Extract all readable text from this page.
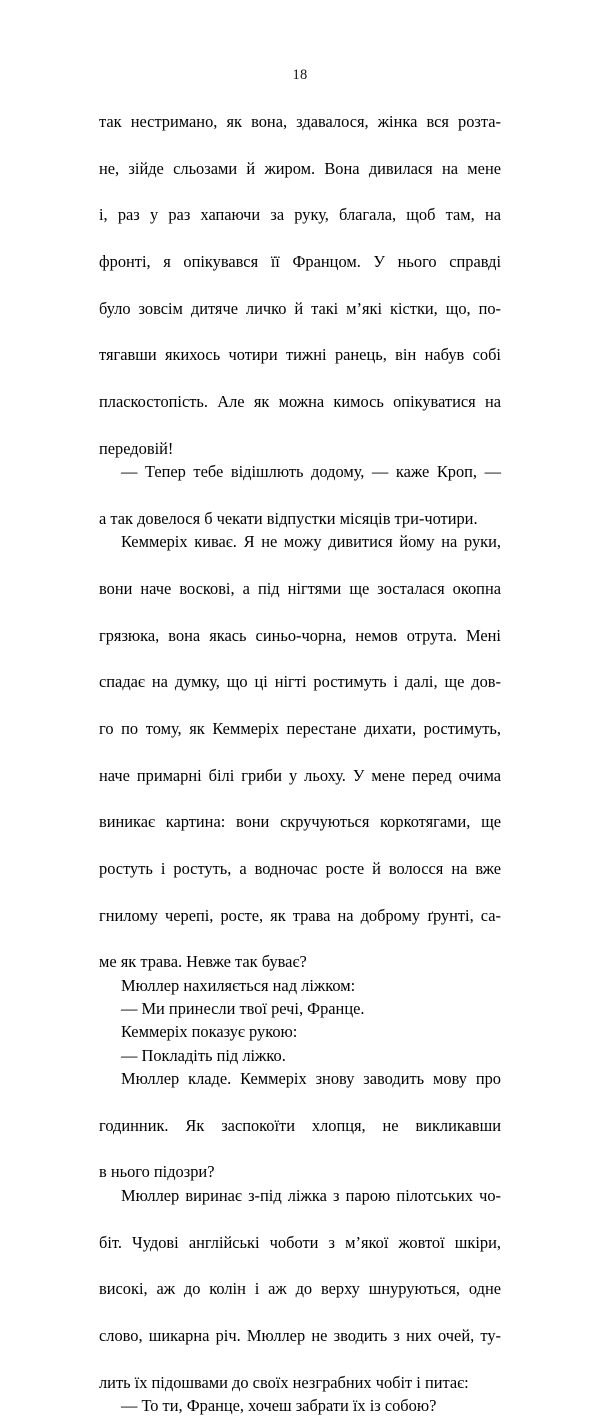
18

так нестримано, як вона, здавалося, жінка вся розта-
не, зійде сльозами й жиром. Вона дивилася на мене
і, раз у раз хапаючи за руку, благала, щоб там, на
фронті, я опікувався її Францом. У нього справді
було зовсім дитяче личко й такі м’які кістки, що, по-
тягавши якихось чотири тижні ранець, він набув собі
пласкостопість. Але як можна кимось опікуватися на
передовій!

— Тепер тебе відішлють додому, — каже Кроп, —
а так довелося б чекати відпустки місяців три-чотири.

Кеммеріх киває. Я не можу дивитися йому на руки,
вони наче воскові, а під нігтями ще зосталася окопна
грязюка, вона якась синьо-чорна, немов отрута. Мені
спадає на думку, що ці нігті ростимуть і далі, ще дов-
го по тому, як Кеммеріх перестане дихати, ростимуть,
наче примарні білі гриби у льоху. У мене перед очима
виникає картина: вони скручуються коркотягами, ще
ростуть і ростуть, а водночас росте й волосся на вже
гнилому черепі, росте, як трава на доброму ґрунті, са-
ме як трава. Невже так буває?

Мюллер нахиляється над ліжком:

— Ми принесли твої речі, Франце.

Кеммеріх показує рукою:

— Покладіть під ліжко.

Мюллер кладе. Кеммеріх знову заводить мову про
годинник. Як заспокоїти хлопця, не викликавши
в нього підозри?

Мюллер виринає з-під ліжка з парою пілотських чо-
біт. Чудові англійські чоботи з м’якої жовтої шкіри,
високі, аж до колін і аж до верху шнуруються, одне
слово, шикарна річ. Мюллер не зводить з них очей, ту-
лить їх підошвами до своїх незграбних чобіт і питає:

— То ти, Франце, хочеш забрати їх із собою?
